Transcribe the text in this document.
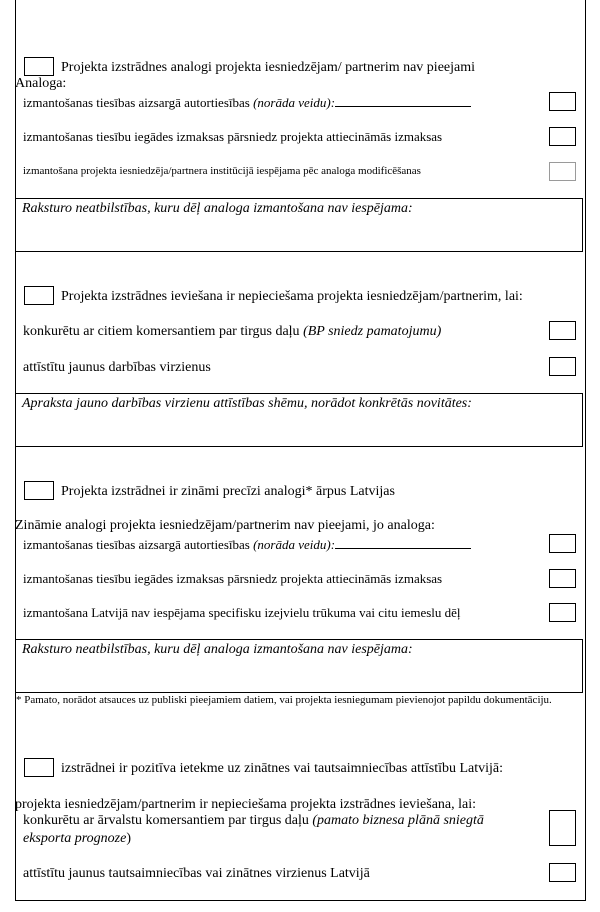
Projekta izstrādnes analogi projekta iesniedzējam/ partnerim nav pieejami
Analoga:
izmantošanas tiesības aizsargā autortiesības (norāda veidu):
izmantošanas tiesību iegādes izmaksas pārsniedz projekta attiecināmās izmaksas
izmantošana projekta iesniedzēja/partnera institūcijā iespējama pēc analoga modificēšanas
Raksturo neatbilstības, kuru dēļ analoga izmantošana nav iespējama:
Projekta izstrādnes ieviešana ir nepieciešama projekta iesniedzējam/partnerim, lai:
konkurētu ar citiem komersantiem par tirgus daļu (BP sniedz pamatojumu)
attīstītu jaunus darbības virzienus
Apraksta jauno darbības virzienu attīstības shēmu, norādot konkrētās novitātes:
Projekta izstrādnei ir zināmi precīzi analogi* ārpus Latvijas
Zināmie analogi projekta iesniedzējam/partnerim nav pieejami, jo analoga:
izmantošanas tiesības aizsargā autortiesības (norāda veidu):
izmantošanas tiesību iegādes izmaksas pārsniedz projekta attiecināmās izmaksas
izmantošana Latvijā nav iespējama specifisku izejvielu trūkuma vai citu iemeslu dēļ
Raksturo neatbilstības, kuru dēļ analoga izmantošana nav iespējama:
* Pamato, norādot atsauces uz publiski pieejamiem datiem, vai projekta iesniegumam pievienojot papildu dokumentāciju.
izstrādnei ir pozitīva ietekme uz zinātnes vai tautsaimniecības attīstību Latvijā:
projekta iesniedzējam/partnerim ir nepieciešama projekta izstrādnes ieviešana, lai:
konkurētu ar ārvalstu komersantiem par tirgus daļu (pamato biznesa plānā sniegtā
eksporta prognoze)
attīstītu jaunus tautsaimniecības vai zinātnes virzienus Latvijā
